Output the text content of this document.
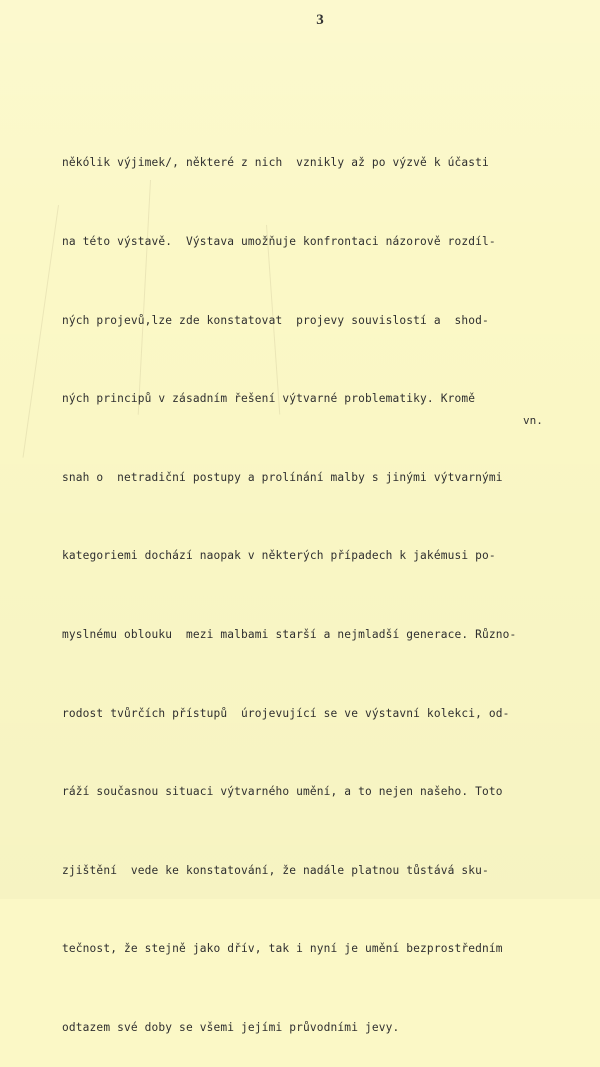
3

někólik výjimek/, některé z nich  vznikly až po výzvě k účasti

na této výstavě.  Výstava umožňuje konfrontaci názorově rozdíl-

ných projevů,lze zde konstatovat  projevy souvislostí a  shod-

ných principů v zásadním řešení výtvarné problematiky. Kromě

snah o  netradiční postupy a prolínání malby s jinými výtvarnými

kategoriemi dochází naopak v některých případech k jakémusi po-

myslnému oblouku  mezi malbami starší a nejmladší generace. Různo-

rodost tvůrčích přístupů  úrojevující se ve výstavní kolekci, od-

ráží současnou situaci výtvarného umění, a to nejen našeho. Toto

zjištění  vede ke konstatování, že nadále platnou tůstává sku-

tečnost, že stejně jako dřív, tak i nyní je umění bezprostředním

odtazem své doby se všemi jejími průvodními jevy.

vn.
